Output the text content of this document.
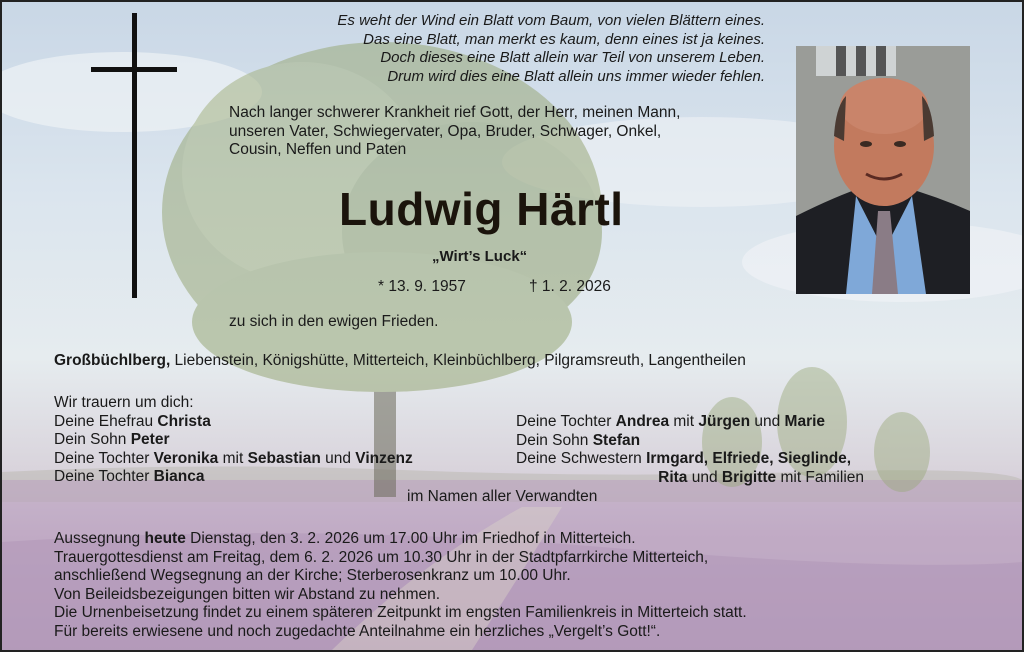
Es weht der Wind ein Blatt vom Baum, von vielen Blättern eines.
Das eine Blatt, man merkt es kaum, denn eines ist ja keines.
Doch dieses eine Blatt allein war Teil von unserem Leben.
Drum wird dies eine Blatt allein uns immer wieder fehlen.
Nach langer schwerer Krankheit rief Gott, der Herr, meinen Mann,
unseren Vater, Schwiegervater, Opa, Bruder, Schwager, Onkel,
Cousin, Neffen und Paten
Ludwig Härtl
„Wirt’s Luck“
* 13. 9. 1957	† 1. 2. 2026
zu sich in den ewigen Frieden.
Großbüchlberg, Liebenstein, Königshütte, Mitterteich, Kleinbüchlberg, Pilgramsreuth, Langentheilen
Wir trauern um dich:
Deine Ehefrau Christa
Dein Sohn Peter
Deine Tochter Veronika mit Sebastian und Vinzenz
Deine Tochter Bianca
Deine Tochter Andrea mit Jürgen und Marie
Dein Sohn Stefan
Deine Schwestern Irmgard, Elfriede, Sieglinde,
Rita und Brigitte mit Familien
im Namen aller Verwandten
Aussegnung heute Dienstag, den 3. 2. 2026 um 17.00 Uhr im Friedhof in Mitterteich.
Trauergottesdienst am Freitag, dem 6. 2. 2026 um 10.30 Uhr in der Stadtpfarrkirche Mitterteich,
anschließend Wegsegnung an der Kirche; Sterberosenkranz um 10.00 Uhr.
Von Beileidsbezeigungen bitten wir Abstand zu nehmen.
Die Urnenbeisetzung findet zu einem späteren Zeitpunkt im engsten Familienkreis in Mitterteich statt.
Für bereits erwiesene und noch zugedachte Anteilnahme ein herzliches „Vergelt’s Gott!“.
